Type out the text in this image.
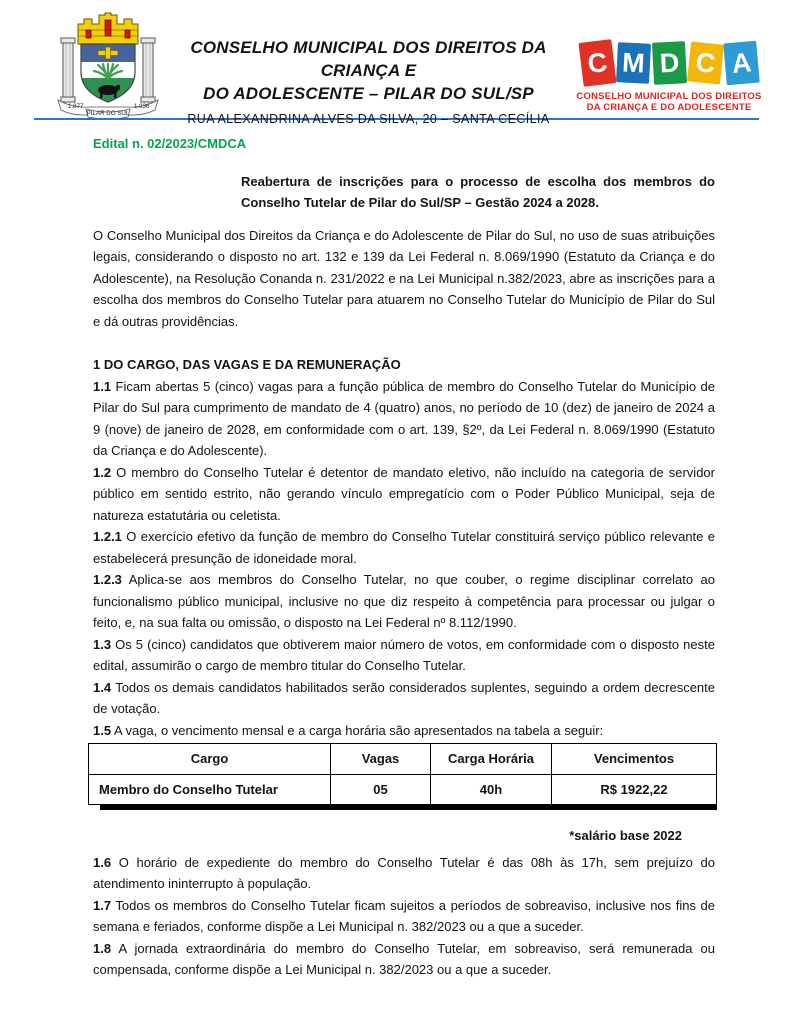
1.877	1.936
PILAR DO SUL
CONSELHO MUNICIPAL DOS DIREITOS DA CRIANÇA E
DO ADOLESCENTE – PILAR DO SUL/SP
RUA ALEXANDRINA ALVES DA SILVA, 20 – SANTA CECÍLIA
C M D C A
CONSELHO MUNICIPAL DOS DIREITOS
DA CRIANÇA E DO ADOLESCENTE

Edital n. 02/2023/CMDCA

Reabertura de inscrições para o processo de escolha dos membros do Conselho Tutelar de Pilar do Sul/SP – Gestão 2024 a 2028.

O Conselho Municipal dos Direitos da Criança e do Adolescente de Pilar do Sul, no uso de suas atribuições legais, considerando o disposto no art. 132 e 139 da Lei Federal n. 8.069/1990 (Estatuto da Criança e do Adolescente), na Resolução Conanda n. 231/2022 e na Lei Municipal n.382/2023, abre as inscrições para a escolha dos membros do Conselho Tutelar para atuarem no Conselho Tutelar do Município de Pilar do Sul e dá outras providências.

1 DO CARGO, DAS VAGAS E DA REMUNERAÇÃO

1.1 Ficam abertas 5 (cinco) vagas para a função pública de membro do Conselho Tutelar do Município de Pilar do Sul para cumprimento de mandato de 4 (quatro) anos, no período de 10 (dez) de janeiro de 2024 a 9 (nove) de janeiro de 2028, em conformidade com o art. 139, §2º, da Lei Federal n. 8.069/1990 (Estatuto da Criança e do Adolescente).

1.2 O membro do Conselho Tutelar é detentor de mandato eletivo, não incluído na categoria de servidor público em sentido estrito, não gerando vínculo empregatício com o Poder Público Municipal, seja de natureza estatutária ou celetista.

1.2.1 O exercício efetivo da função de membro do Conselho Tutelar constituirá serviço público relevante e estabelecerá presunção de idoneidade moral.

1.2.3 Aplica-se aos membros do Conselho Tutelar, no que couber, o regime disciplinar correlato ao funcionalismo público municipal, inclusive no que diz respeito à competência para processar ou julgar o feito, e, na sua falta ou omissão, o disposto na Lei Federal nº 8.112/1990.

1.3 Os 5 (cinco) candidatos que obtiverem maior número de votos, em conformidade com o disposto neste edital, assumirão o cargo de membro titular do Conselho Tutelar.

1.4 Todos os demais candidatos habilitados serão considerados suplentes, seguindo a ordem decrescente de votação.

1.5 A vaga, o vencimento mensal e a carga horária são apresentados na tabela a seguir:

Cargo	Vagas	Carga Horária	Vencimentos
Membro do Conselho Tutelar	05	40h	R$ 1922,22

*salário base 2022

1.6 O horário de expediente do membro do Conselho Tutelar é das 08h às 17h, sem prejuízo do atendimento ininterrupto à população.

1.7 Todos os membros do Conselho Tutelar ficam sujeitos a períodos de sobreaviso, inclusive nos fins de semana e feriados, conforme dispõe a Lei Municipal n. 382/2023 ou a que a suceder.

1.8 A jornada extraordinária do membro do Conselho Tutelar, em sobreaviso, será remunerada ou compensada, conforme dispõe a Lei Municipal n. 382/2023 ou a que a suceder.
